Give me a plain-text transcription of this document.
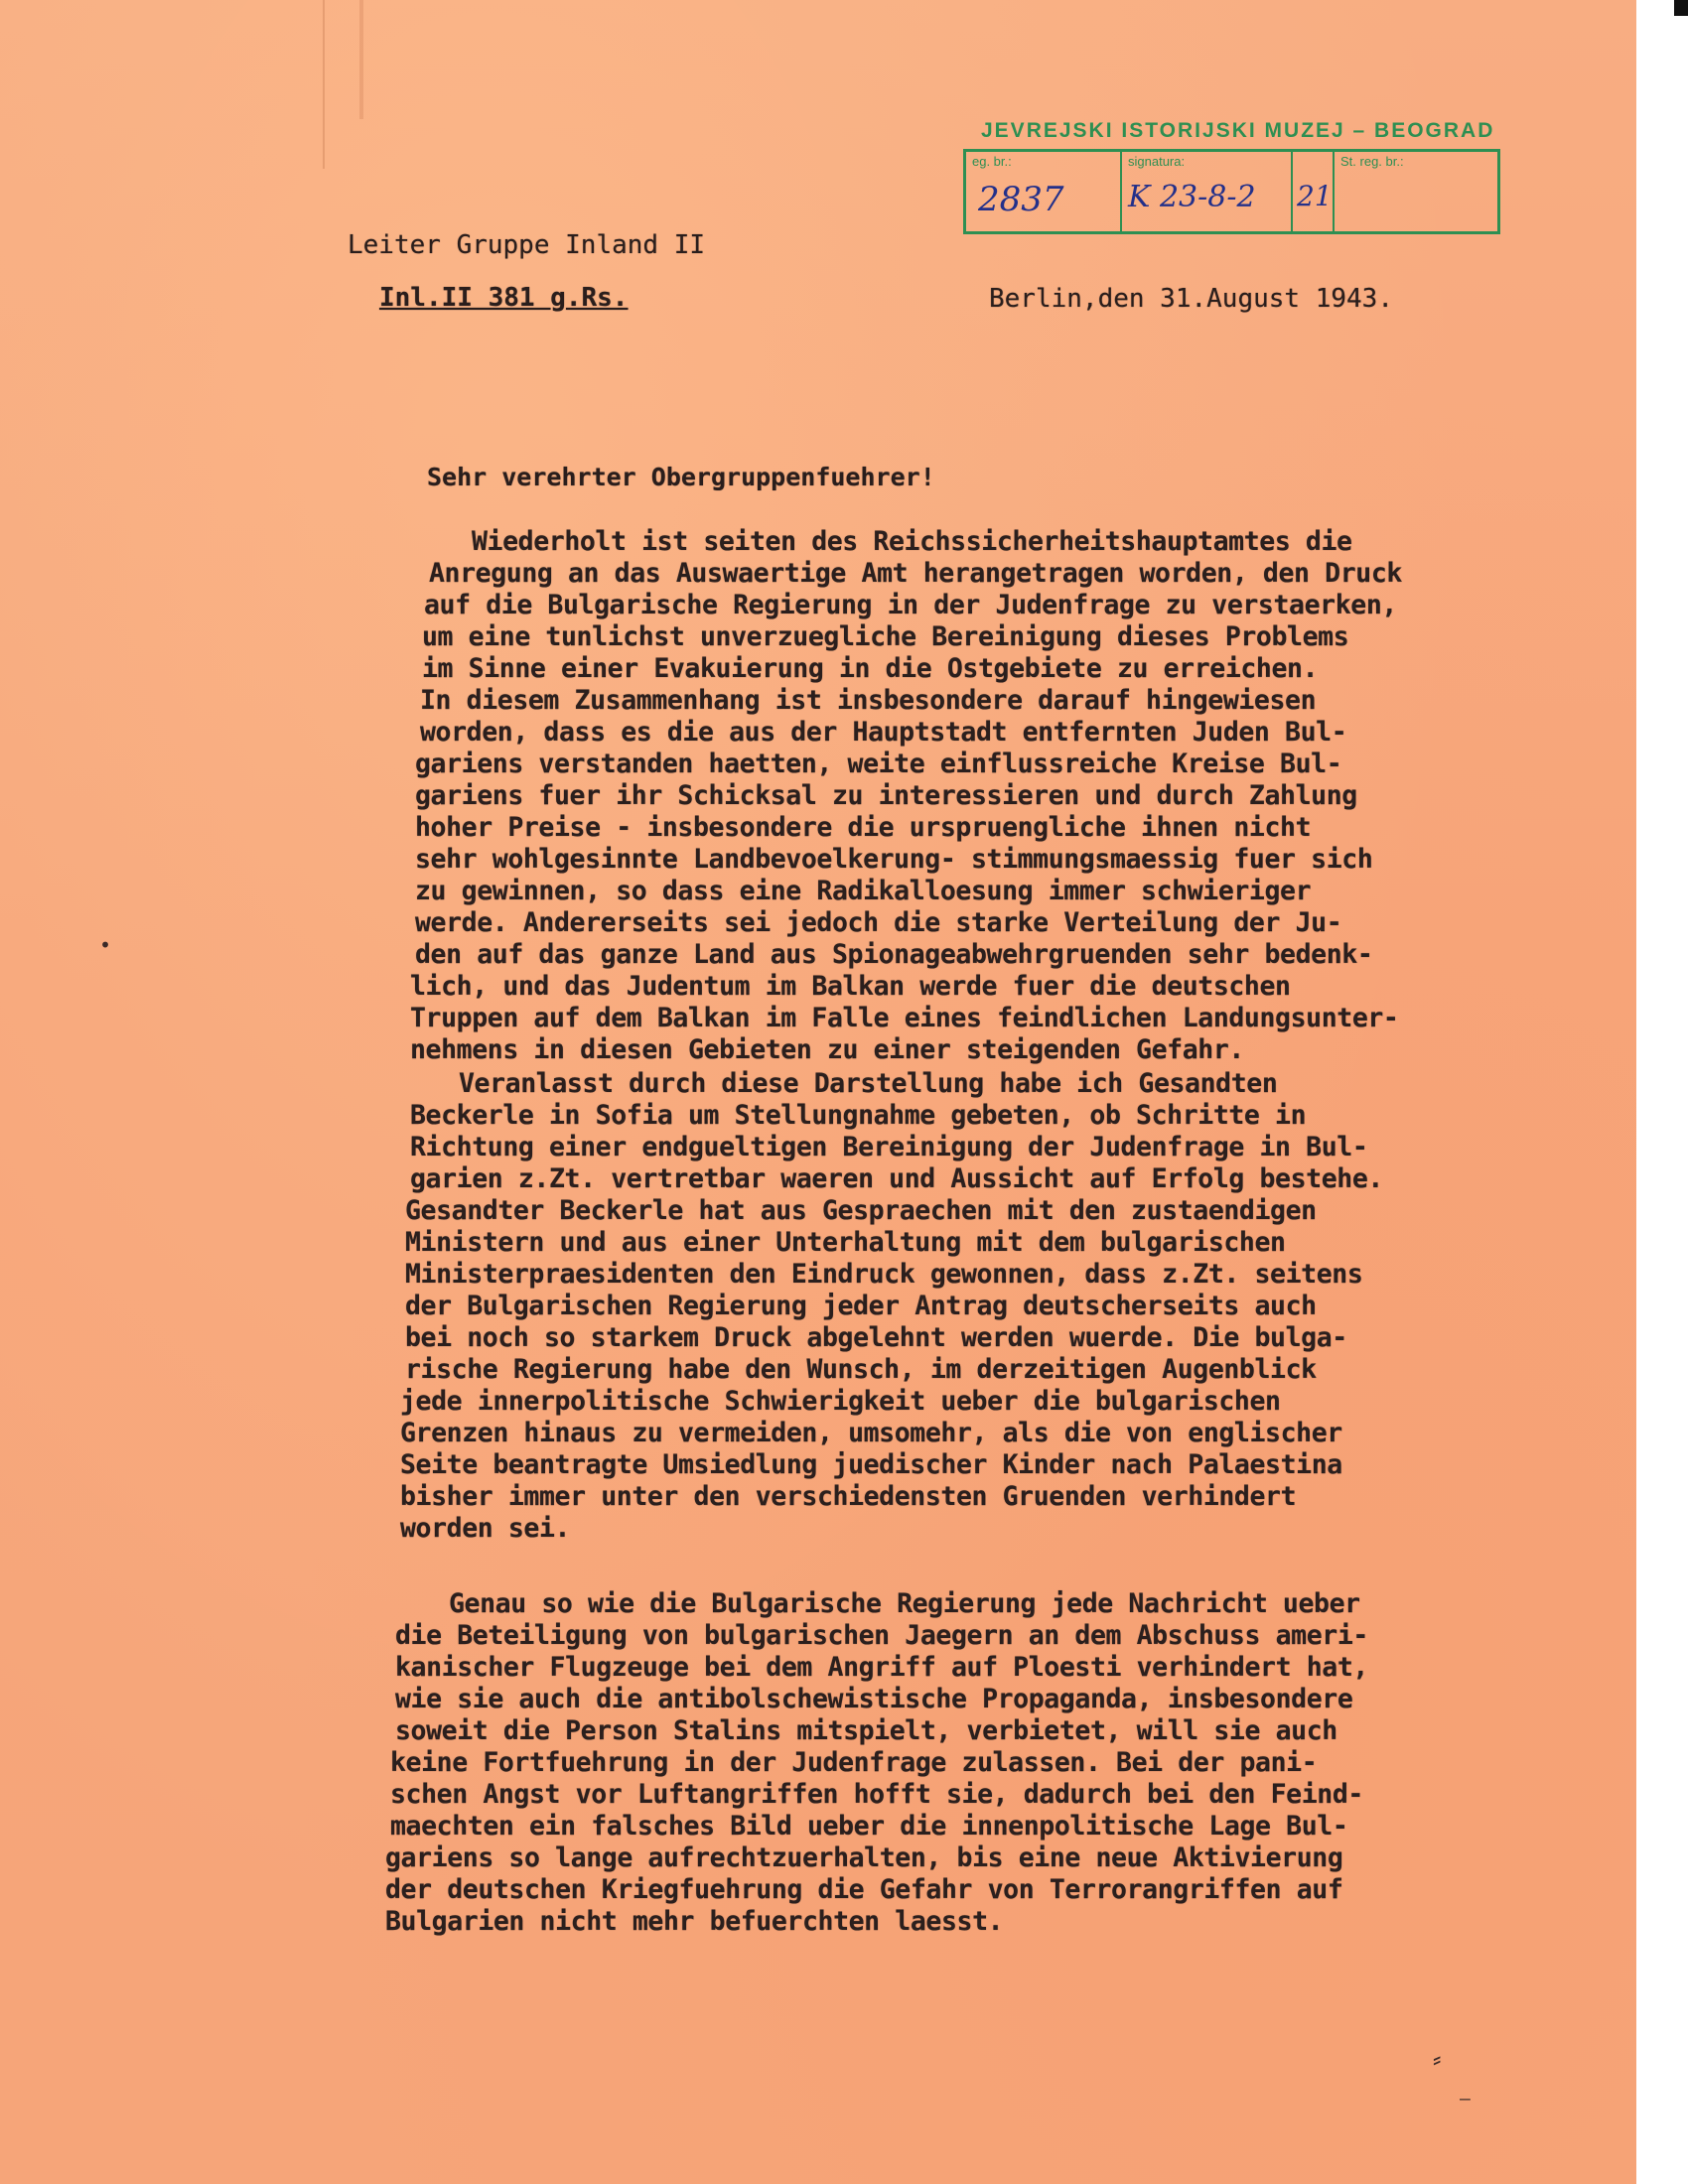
JEVREJSKI ISTORIJSKI MUZEJ – BEOGRAD
eg. br.:
2837
signatura:
K 23-8-2 21
St. reg. br.:
Leiter Gruppe Inland II
Inl.II 381 g.Rs.	Berlin,den 31.August 1943.
Sehr verehrter Obergruppenfuehrer!
Wiederholt ist seiten des Reichssicherheitshauptamtes die
Anregung an das Auswaertige Amt herangetragen worden, den Druck
auf die Bulgarische Regierung in der Judenfrage zu verstaerken,
um eine tunlichst unverzuegliche Bereinigung dieses Problems
im Sinne einer Evakuierung in die Ostgebiete zu erreichen.
In diesem Zusammenhang ist insbesondere darauf hingewiesen
worden, dass es die aus der Hauptstadt entfernten Juden Bul-
gariens verstanden haetten, weite einflussreiche Kreise Bul-
gariens fuer ihr Schicksal zu interessieren und durch Zahlung
hoher Preise - insbesondere die urspruengliche ihnen nicht
sehr wohlgesinnte Landbevoelkerung- stimmungsmaessig fuer sich
zu gewinnen, so dass eine Radikalloesung immer schwieriger
werde. Andererseits sei jedoch die starke Verteilung der Ju-
den auf das ganze Land aus Spionageabwehrgruenden sehr bedenk-
lich, und das Judentum im Balkan werde fuer die deutschen
Truppen auf dem Balkan im Falle eines feindlichen Landungsunter-
nehmens in diesen Gebieten zu einer steigenden Gefahr.
Veranlasst durch diese Darstellung habe ich Gesandten
Beckerle in Sofia um Stellungnahme gebeten, ob Schritte in
Richtung einer endgueltigen Bereinigung der Judenfrage in Bul-
garien z.Zt. vertretbar waeren und Aussicht auf Erfolg bestehe.
Gesandter Beckerle hat aus Gespraechen mit den zustaendigen
Ministern und aus einer Unterhaltung mit dem bulgarischen
Ministerpraesidenten den Eindruck gewonnen, dass z.Zt. seitens
der Bulgarischen Regierung jeder Antrag deutscherseits auch
bei noch so starkem Druck abgelehnt werden wuerde. Die bulga-
rische Regierung habe den Wunsch, im derzeitigen Augenblick
jede innerpolitische Schwierigkeit ueber die bulgarischen
Grenzen hinaus zu vermeiden, umsomehr, als die von englischer
Seite beantragte Umsiedlung juedischer Kinder nach Palaestina
bisher immer unter den verschiedensten Gruenden verhindert
worden sei.
Genau so wie die Bulgarische Regierung jede Nachricht ueber
die Beteiligung von bulgarischen Jaegern an dem Abschuss ameri-
kanischer Flugzeuge bei dem Angriff auf Ploesti verhindert hat,
wie sie auch die antibolschewistische Propaganda, insbesondere
soweit die Person Stalins mitspielt, verbietet, will sie auch
keine Fortfuehrung in der Judenfrage zulassen. Bei der pani-
schen Angst vor Luftangriffen hofft sie, dadurch bei den Feind-
maechten ein falsches Bild ueber die innenpolitische Lage Bul-
gariens so lange aufrechtzuerhalten, bis eine neue Aktivierung
der deutschen Kriegfuehrung die Gefahr von Terrorangriffen auf
Bulgarien nicht mehr befuerchten laesst.
•
⸗
—
